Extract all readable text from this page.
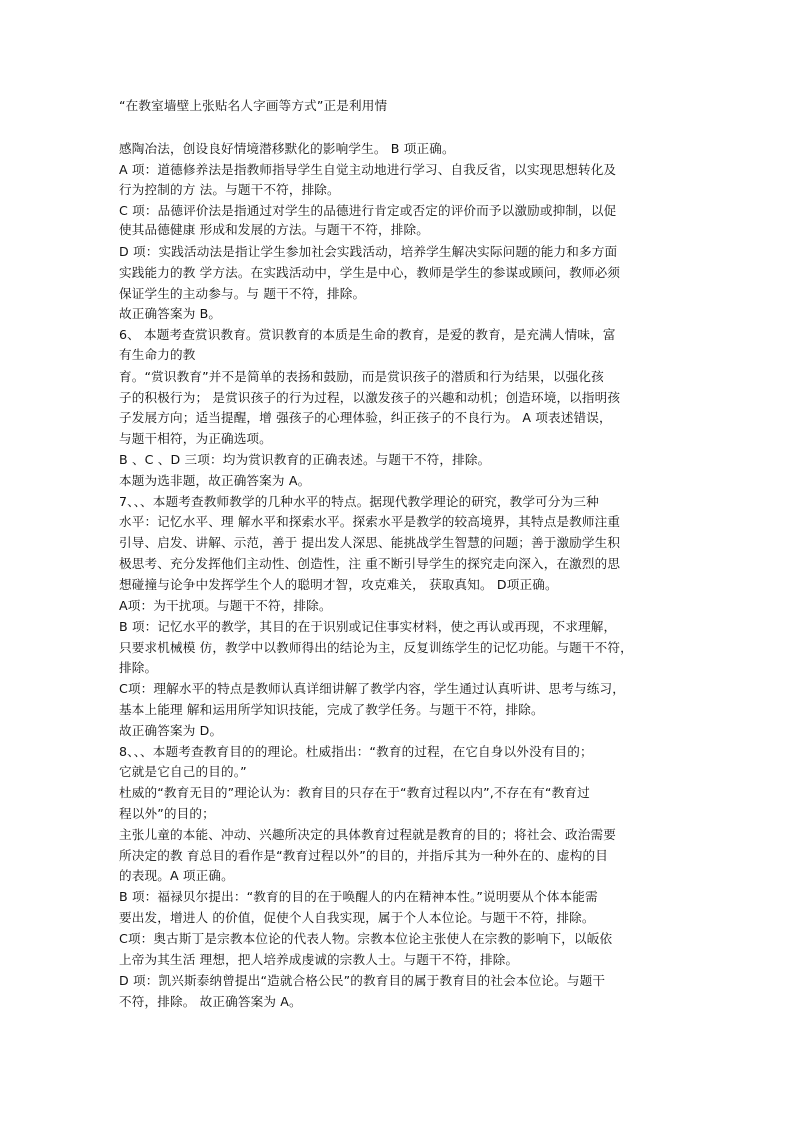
“在教室墙壁上张贴名人字画等方式”正是利用情
感陶冶法，创设良好情境潜移默化的影响学生。 B 项正确。
A 项：道德修养法是指教师指导学生自觉主动地进行学习、自我反省，以实现思想转化及
行为控制的方 法。与题干不符，排除。
C 项：品德评价法是指通过对学生的品德进行肯定或否定的评价而予以激励或抑制，以促
使其品德健康 形成和发展的方法。与题干不符，排除。
D 项：实践活动法是指让学生参加社会实践活动，培养学生解决实际问题的能力和多方面
实践能力的教 学方法。在实践活动中，学生是中心，教师是学生的参谋或顾问，教师必须
保证学生的主动参与。与 题干不符，排除。
故正确答案为 B。
6、 本题考查赏识教育。赏识教育的本质是生命的教育，是爱的教育，是充满人情味，富
有生命力的教
育。“赏识教育”并不是简单的表扬和鼓励，而是赏识孩子的潜质和行为结果，以强化孩
子的积极行为； 是赏识孩子的行为过程，以激发孩子的兴趣和动机；创造环境，以指明孩
子发展方向；适当提醒，增 强孩子的心理体验，纠正孩子的不良行为。 A 项表述错误，
与题干相符，为正确选项。
B 、C 、D 三项：均为赏识教育的正确表述。与题干不符，排除。
本题为选非题，故正确答案为 A。
7、、、本题考查教师教学的几种水平的特点。据现代教学理论的研究，教学可分为三种
水平：记忆水平、理 解水平和探索水平。探索水平是教学的较高境界，其特点是教师注重
引导、启发、讲解、示范，善于 提出发人深思、能挑战学生智慧的问题；善于激励学生积
极思考、充分发挥他们主动性、创造性，注 重不断引导学生的探究走向深入，在激烈的思
想碰撞与论争中发挥学生个人的聪明才智，攻克难关， 获取真知。 D项正确。
A项：为干扰项。与题干不符，排除。
B 项：记忆水平的教学，其目的在于识别或记住事实材料，使之再认或再现，不求理解，
只要求机械模 仿，教学中以教师得出的结论为主，反复训练学生的记忆功能。与题干不符，
排除。
C项：理解水平的特点是教师认真详细讲解了教学内容，学生通过认真听讲、思考与练习，
基本上能理 解和运用所学知识技能，完成了教学任务。与题干不符，排除。
故正确答案为 D。
8、、、本题考查教育目的的理论。杜威指出：“教育的过程，在它自身以外没有目的；
它就是它自己的目的。”
杜威的“教育无目的”理论认为：教育目的只存在于“教育过程以内”,不存在有“教育过
程以外”的目的；
主张儿童的本能、冲动、兴趣所决定的具体教育过程就是教育的目的；将社会、政治需要
所决定的教 育总目的看作是“教育过程以外”的目的，并指斥其为一种外在的、虚构的目
的表现。A 项正确。
B 项：福禄贝尔提出：“教育的目的在于唤醒人的内在精神本性。”说明要从个体本能需
要出发，增进人 的价值，促使个人自我实现，属于个人本位论。与题干不符，排除。
C项：奥古斯丁是宗教本位论的代表人物。宗教本位论主张使人在宗教的影响下，以皈依
上帝为其生活 理想，把人培养成虔诚的宗教人士。与题干不符，排除。
D 项：凯兴斯泰纳曾提出“造就合格公民”的教育目的属于教育目的社会本位论。与题干
不符，排除。 故正确答案为 A。
